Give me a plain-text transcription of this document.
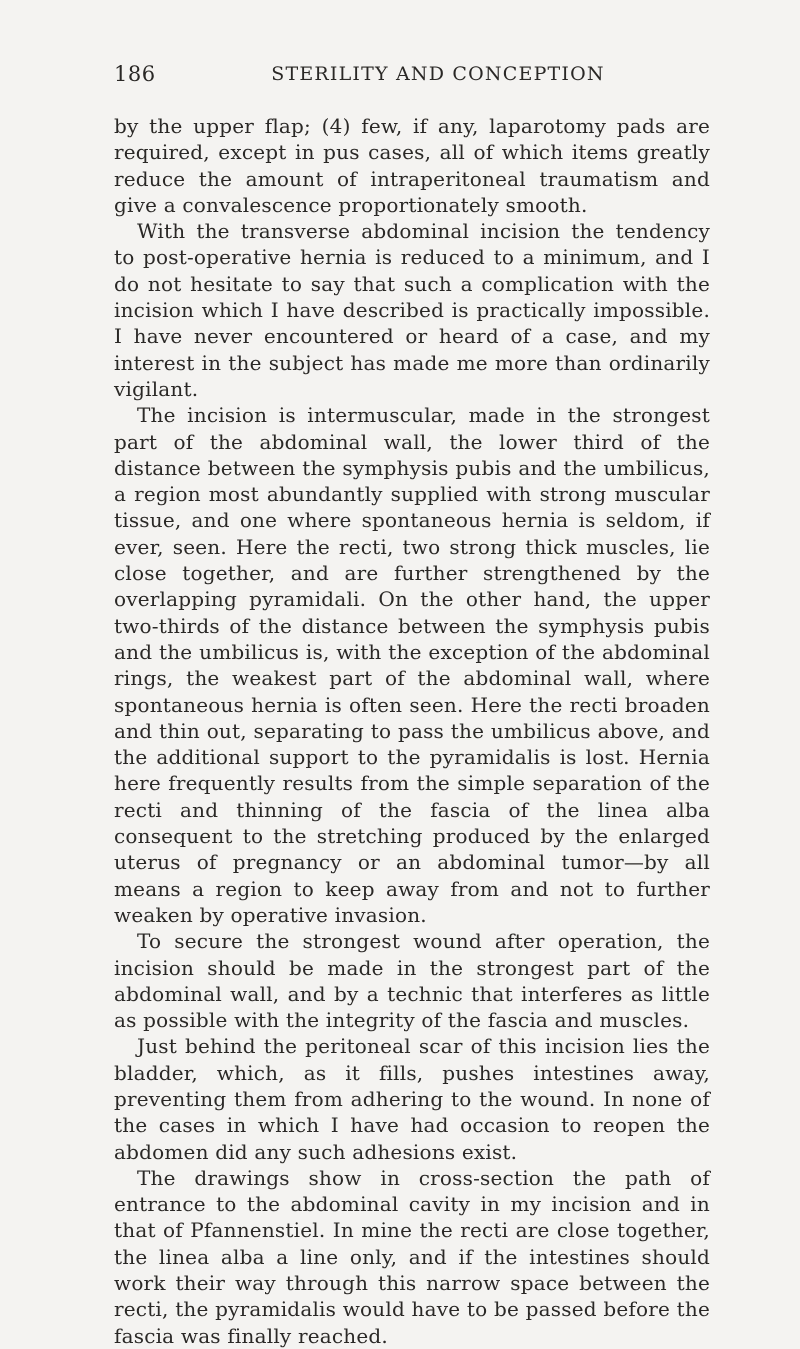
186	STERILITY AND CONCEPTION

by the upper flap; (4) few, if any, laparotomy pads are required, except in pus cases, all of which items greatly reduce the amount of intraperitoneal traumatism and give a convalescence proportionately smooth.

With the transverse abdominal incision the tendency to post-operative hernia is reduced to a minimum, and I do not hesitate to say that such a complication with the incision which I have described is practically impossible. I have never encountered or heard of a case, and my interest in the subject has made me more than ordinarily vigilant.

The incision is intermuscular, made in the strongest part of the abdominal wall, the lower third of the distance between the symphysis pubis and the umbilicus, a region most abundantly supplied with strong muscular tissue, and one where spontaneous hernia is seldom, if ever, seen. Here the recti, two strong thick muscles, lie close together, and are further strengthened by the overlapping pyramidali. On the other hand, the upper two-thirds of the distance between the symphysis pubis and the umbilicus is, with the exception of the abdominal rings, the weakest part of the abdominal wall, where spontaneous hernia is often seen. Here the recti broaden and thin out, separating to pass the umbilicus above, and the additional support to the pyramidalis is lost. Hernia here frequently results from the simple separation of the recti and thinning of the fascia of the linea alba consequent to the stretching produced by the enlarged uterus of pregnancy or an abdominal tumor—by all means a region to keep away from and not to further weaken by operative invasion.

To secure the strongest wound after operation, the incision should be made in the strongest part of the abdominal wall, and by a technic that interferes as little as possible with the integrity of the fascia and muscles.

Just behind the peritoneal scar of this incision lies the bladder, which, as it fills, pushes intestines away, preventing them from adhering to the wound. In none of the cases in which I have had occasion to reopen the abdomen did any such adhesions exist.

The drawings show in cross-section the path of entrance to the abdominal cavity in my incision and in that of Pfannenstiel. In mine the recti are close together, the linea alba a line only, and if the intestines should work their way through this narrow space between the recti, the pyramidalis would have to be passed before the fascia was finally reached.
